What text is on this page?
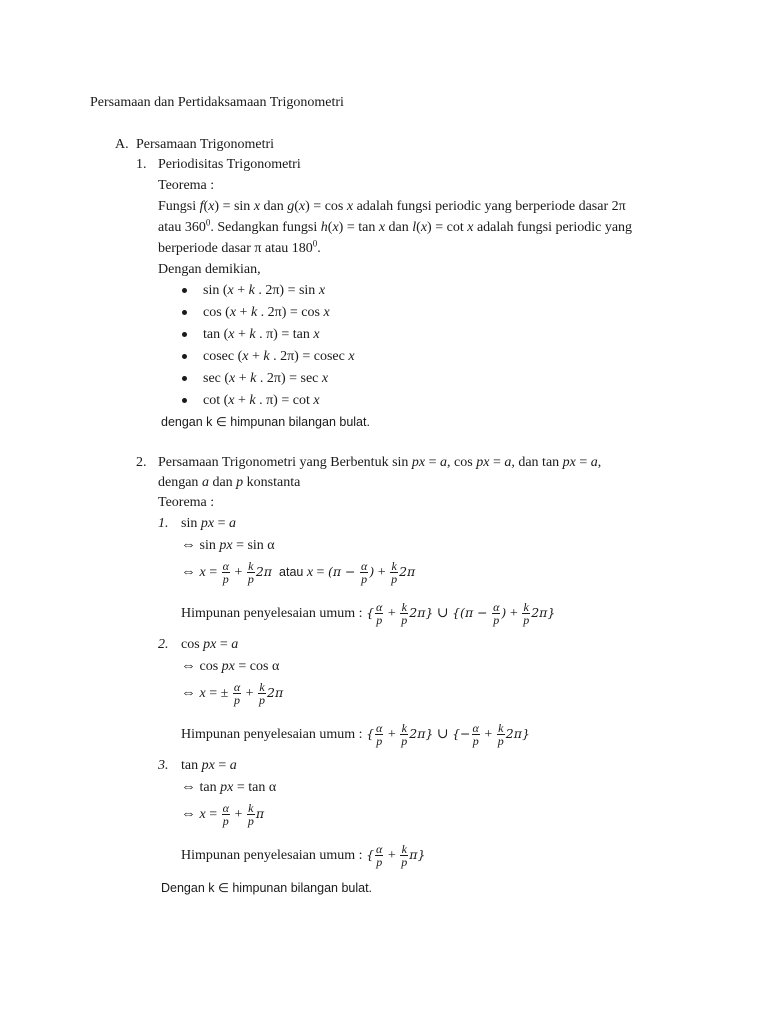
Persamaan dan Pertidaksamaan Trigonometri
A. Persamaan Trigonometri
1. Periodisitas Trigonometri
Teorema :
Fungsi f(x) = sin x dan g(x) = cos x adalah fungsi periodic yang berperiode dasar 2π
atau $360^0$. Sedangkan fungsi h(x) = tan x dan l(x) = cot x adalah fungsi periodic yang
berperiode dasar π atau $180^0$.
Dengan demikian,
sin (x + k . 2π) = sin x
cos (x + k . 2π) = cos x
tan (x + k . π) = tan x
cosec (x + k . 2π) = cosec x
sec (x + k . 2π) = sec x
cot (x + k . π) = cot x
dengan k ∈ himpunan bilangan bulat.
2. Persamaan Trigonometri yang Berbentuk sin px = a, cos px = a, dan tan px = a,
dengan a dan p konstanta
Teorema :
1. sin px = a
⇔ sin px = sin α
⇔ $x = \frac{\alpha}{p} + \frac{k}{p} 2\pi$ atau $x = (\pi - \frac{\alpha}{p}$ ) + $\frac{k}{p} 2\pi$
Himpunan penyelesaian umum : { $\frac{\alpha}{p} + \frac{k}{p} 2\pi$} ∪ {($\pi - \frac{\alpha}{p}$ ) + $\frac{k}{p} 2\pi$}
2. cos px = a
⇔ cos px = cos α
⇔ x = ± $\frac{\alpha}{p} + \frac{k}{p} 2\pi$
Himpunan penyelesaian umum : { $\frac{\alpha}{p} + \frac{k}{p} 2\pi$} ∪ {− $\frac{\alpha}{p} + \frac{k}{p} 2\pi$}
3. tan px = a
⇔ tan px = tan α
⇔ $x = \frac{\alpha}{p} + \frac{k}{p}$ π
Himpunan penyelesaian umum : { $\frac{\alpha}{p} + \frac{k}{p} \pi$}
Dengan k ∈ himpunan bilangan bulat.
